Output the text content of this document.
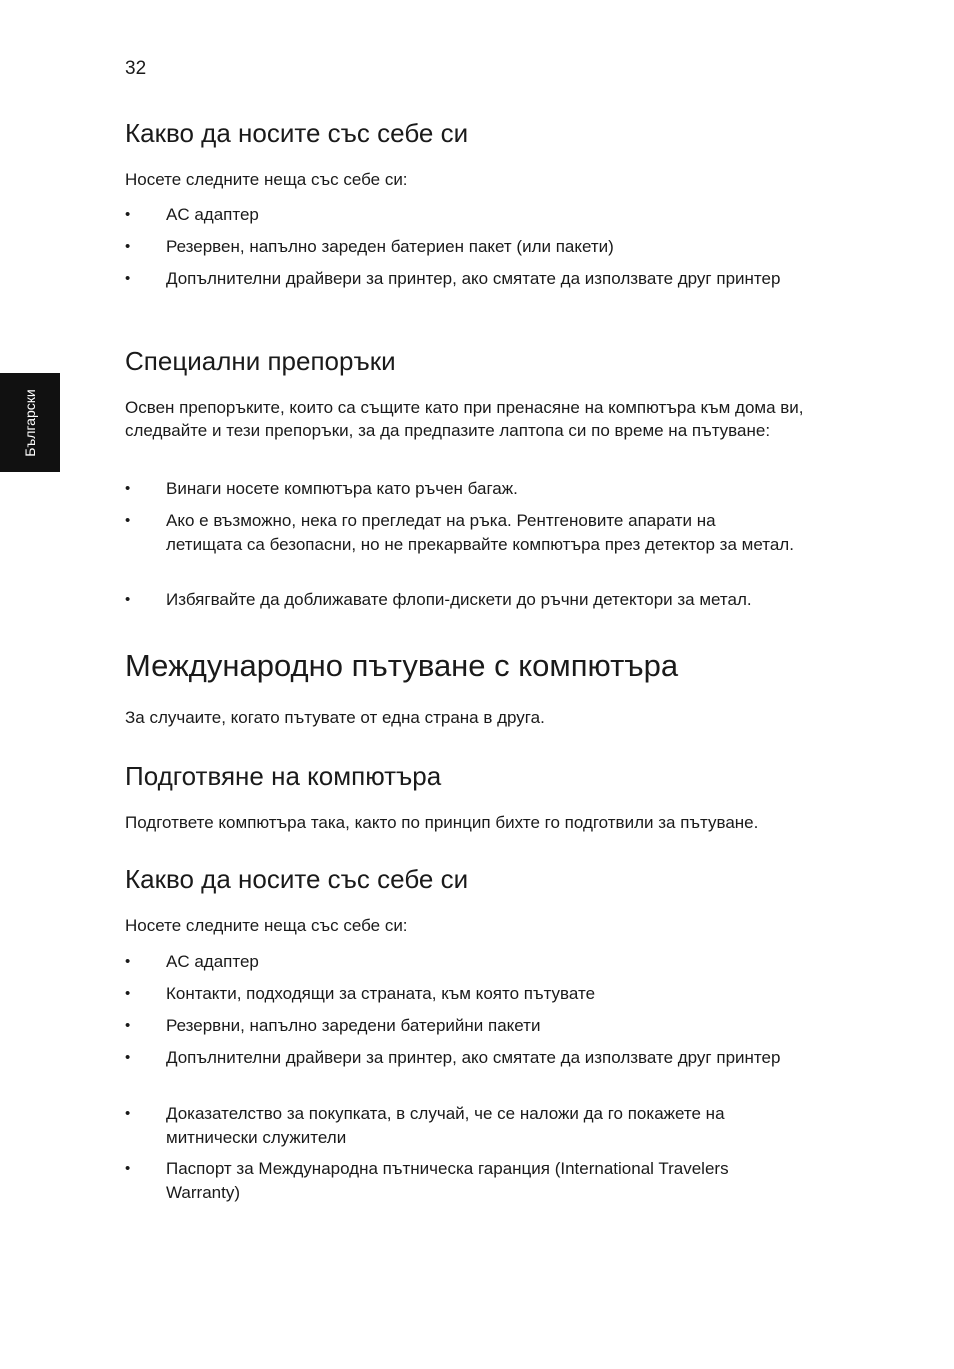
32
Български
Какво да носите със себе си
Носете следните неща със себе си:
• AC адаптер
• Резервен, напълно зареден батериен пакет (или пакети)
• Допълнителни драйвери за принтер, ако смятате да използвате друг принтер
Специални препоръки
Освен препоръките, които са същите като при пренасяне на компютъра към дома ви, следвайте и тези препоръки, за да предпазите лаптопа си по време на пътуване:
• Винаги носете компютъра като ръчен багаж.
• Ако е възможно, нека го прегледат на ръка. Рентгеновите апарати на летищата са безопасни, но не прекарвайте компютъра през детектор за метал.
• Избягвайте да доближавате флопи-дискети до ръчни детектори за метал.
Международно пътуване с компютъра
За случаите, когато пътувате от една страна в друга.
Подготвяне на компютъра
Подгответе компютъра така, както по принцип бихте го подготвили за пътуване.
Какво да носите със себе си
Носете следните неща със себе си:
• AC адаптер
• Контакти, подходящи за страната, към която пътувате
• Резервни, напълно заредени батерийни пакети
• Допълнителни драйвери за принтер, ако смятате да използвате друг принтер
• Доказателство за покупката, в случай, че се наложи да го покажете на митнически служители
• Паспорт за Международна пътническа гаранция (International Travelers Warranty)
